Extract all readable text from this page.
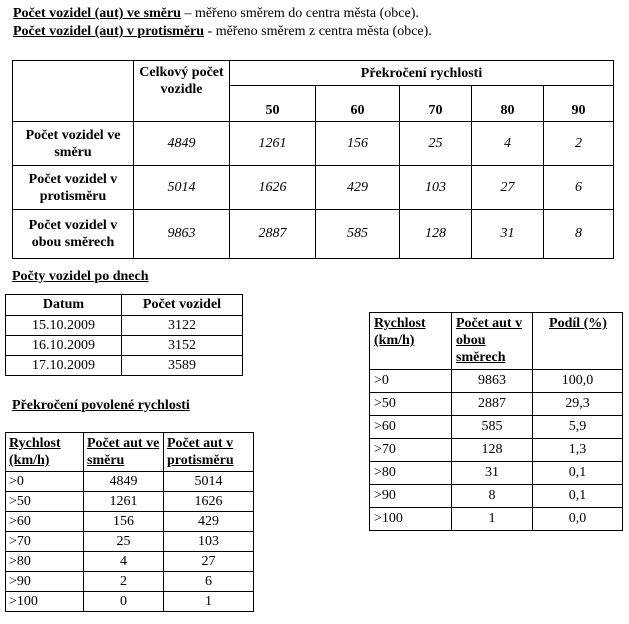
Počet vozidel (aut) ve směru – měřeno směrem do centra města (obce).
Počet vozidel (aut) v protisměru - měřeno směrem z centra města (obce).
	Celkový počet vozidle	Překročení rychlosti				
		50	60	70	80	90
Počet vozidel ve směru	4849	1261	156	25	4	2
Počet vozidel v protisměru	5014	1626	429	103	27	6
Počet vozidel v obou směrech	9863	2887	585	128	31	8
Počty vozidel po dnech
Datum	Počet vozidel
15.10.2009	3122
16.10.2009	3152
17.10.2009	3589
Překročení povolené rychlosti
Rychlost (km/h)	Počet aut ve směru	Počet aut v protisměru
>0	4849	5014
>50	1261	1626
>60	156	429
>70	25	103
>80	4	27
>90	2	6
>100	0	1
Rychlost (km/h)	Počet aut v obou směrech	Podíl (%)
>0	9863	100,0
>50	2887	29,3
>60	585	5,9
>70	128	1,3
>80	31	0,1
>90	8	0,1
>100	1	0,0
